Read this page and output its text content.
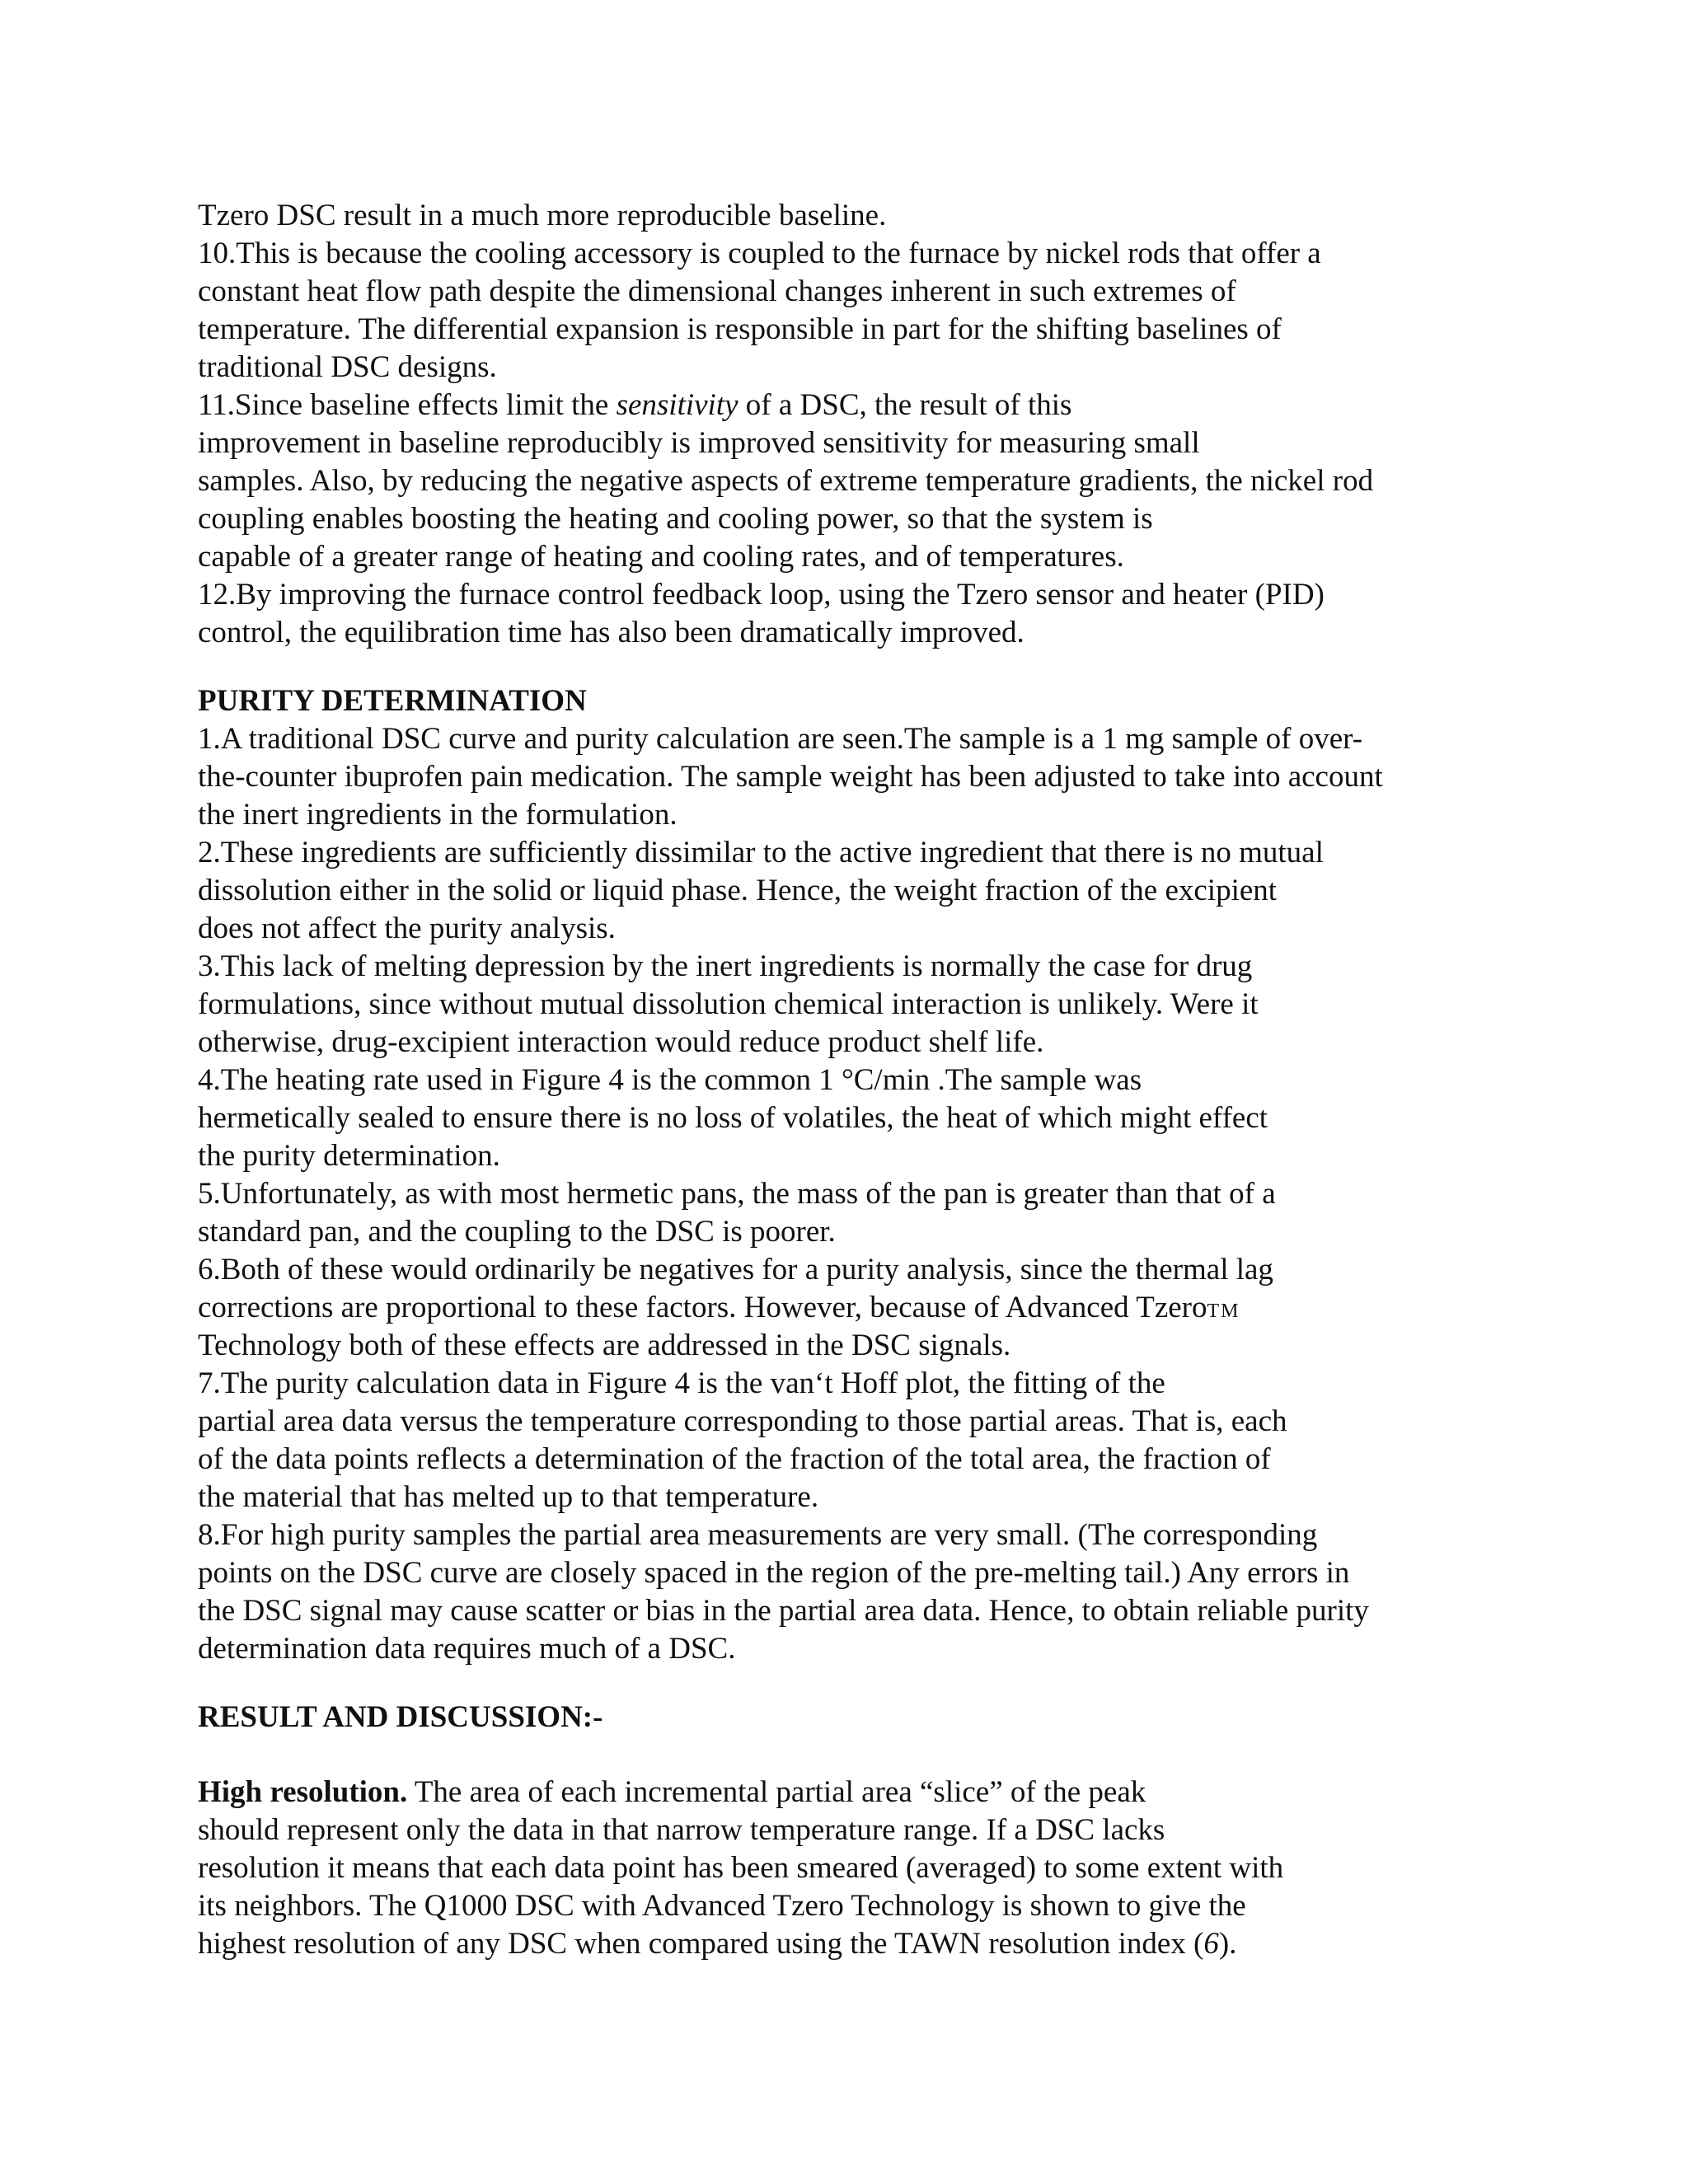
Tzero DSC result in a much more reproducible baseline.

10.This is because the cooling accessory is coupled to the furnace by nickel rods that offer a

constant heat flow path despite the dimensional changes inherent in such extremes of

temperature. The differential expansion is responsible in part for the shifting baselines of

traditional DSC designs.

11.Since baseline effects limit the sensitivity of a DSC, the result of this

improvement in baseline reproducibly is improved sensitivity for measuring small

samples. Also, by reducing the negative aspects of extreme temperature gradients, the nickel rod

coupling enables boosting the heating and cooling power, so that the system is

capable of a greater range of heating and cooling rates, and of temperatures.

12.By improving the furnace control feedback loop, using the Tzero sensor and heater (PID)

control, the equilibration time has also been dramatically improved.

PURITY DETERMINATION

1.A traditional DSC curve and purity calculation are seen.The sample is a 1 mg sample of over-

the-counter ibuprofen pain medication. The sample weight has been adjusted to take into account

the inert ingredients in the formulation.

2.These ingredients are sufficiently dissimilar to the active ingredient that there is no mutual

dissolution either in the solid or liquid phase. Hence, the weight fraction of the excipient

does not affect the purity analysis.

3.This lack of melting depression by the inert ingredients is normally the case for drug

formulations, since without mutual dissolution chemical interaction is unlikely. Were it

otherwise, drug-excipient interaction would reduce product shelf life.

4.The heating rate used in Figure 4 is the common 1 °C/min .The sample was

hermetically sealed to ensure there is no loss of volatiles, the heat of which might effect

the purity determination.

5.Unfortunately, as with most hermetic pans, the mass of the pan is greater than that of a

standard pan, and the coupling to the DSC is poorer.

6.Both of these would ordinarily be negatives for a purity analysis, since the thermal lag

corrections are proportional to these factors. However, because of Advanced TzeroTM

Technology both of these effects are addressed in the DSC signals.

7.The purity calculation data in Figure 4 is the van‘t Hoff plot, the fitting of the

partial area data versus the temperature corresponding to those partial areas. That is, each

of the data points reflects a determination of the fraction of the total area, the fraction of

the material that has melted up to that temperature.

8.For high purity samples the partial area measurements are very small. (The corresponding

points on the DSC curve are closely spaced in the region of the pre-melting tail.) Any errors in

the DSC signal may cause scatter or bias in the partial area data. Hence, to obtain reliable purity

determination data requires much of a DSC.

RESULT AND DISCUSSION:-

High resolution. The area of each incremental partial area “slice” of the peak

should represent only the data in that narrow temperature range. If a DSC lacks

resolution it means that each data point has been smeared (averaged) to some extent with

its neighbors. The Q1000 DSC with Advanced Tzero Technology is shown to give the

highest resolution of any DSC when compared using the TAWN resolution index (6).
